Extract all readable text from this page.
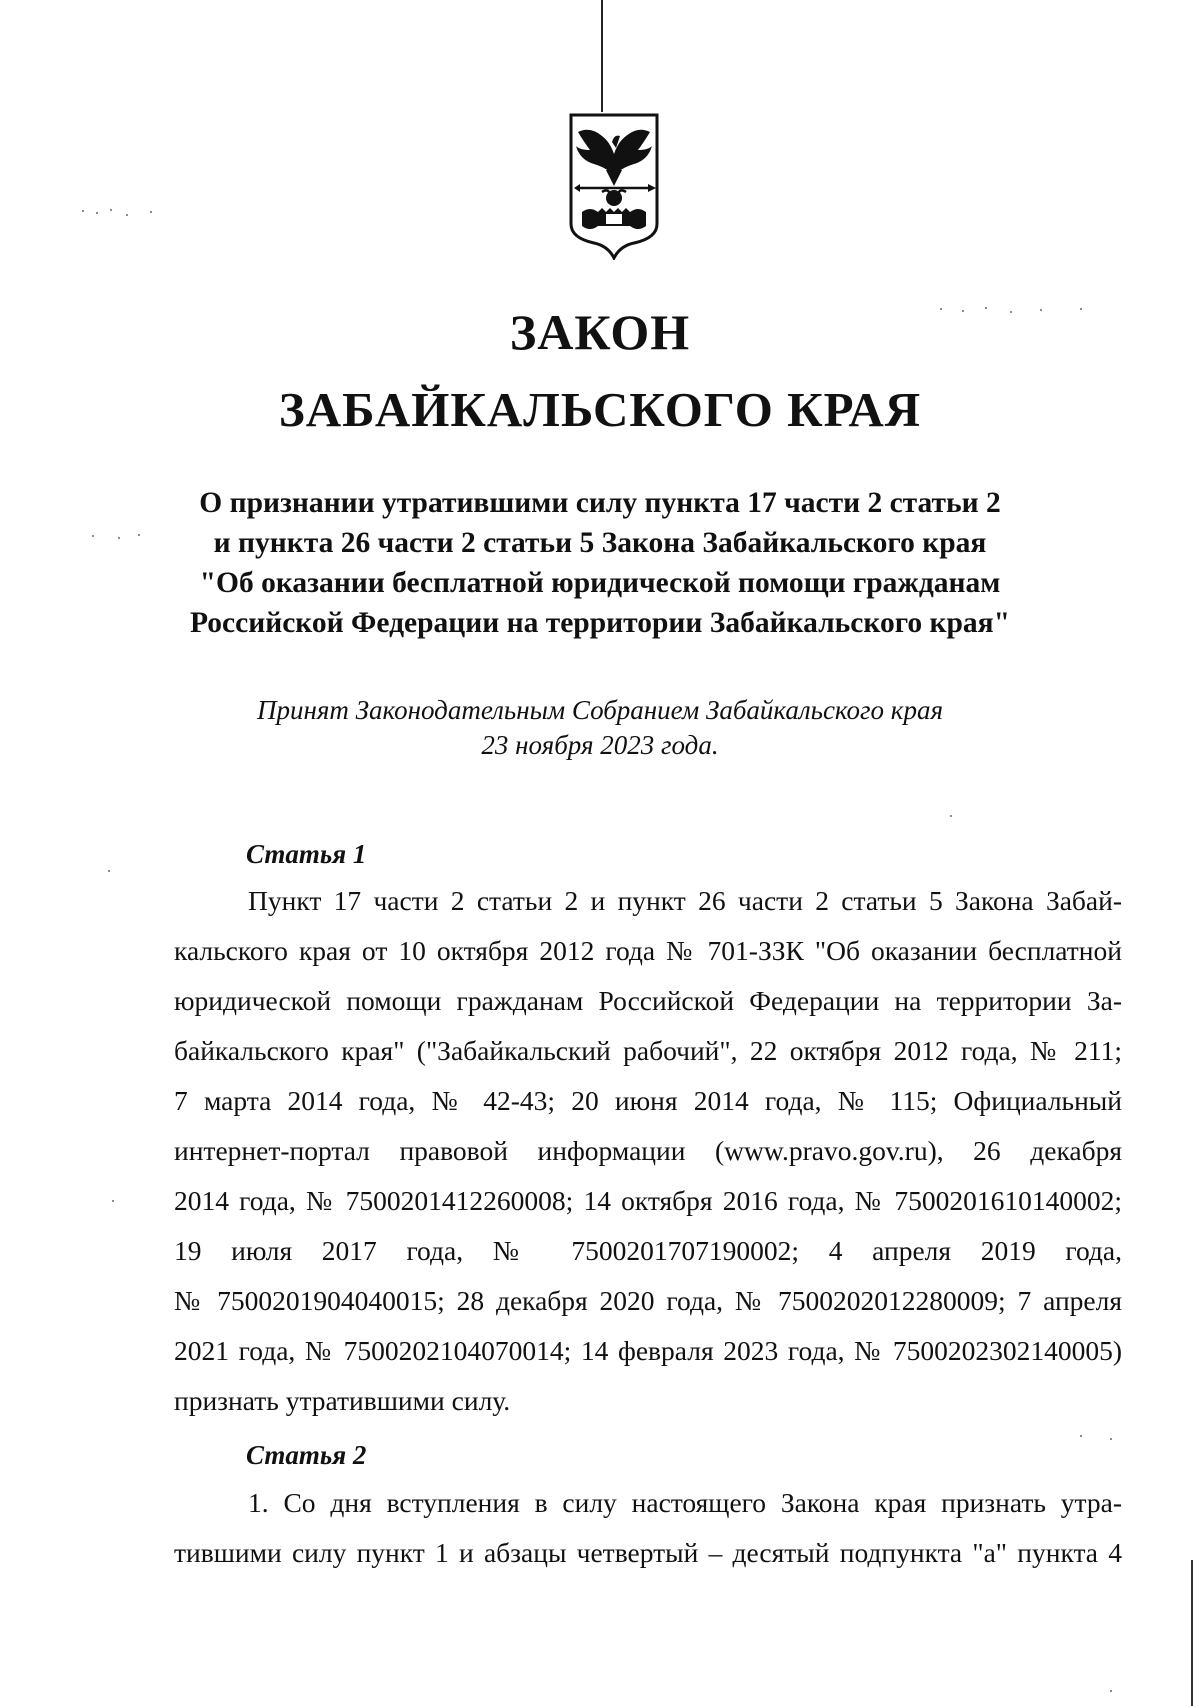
ЗАКОН
ЗАБАЙКАЛЬСКОГО КРАЯ
О признании утратившими силу пункта 17 части 2 статьи 2
и пункта 26 части 2 статьи 5 Закона Забайкальского края
"Об оказании бесплатной юридической помощи гражданам
Российской Федерации на территории Забайкальского края"
Принят Законодательным Собранием Забайкальского края
23 ноября 2023 года.
Статья 1
Пункт 17 части 2 статьи 2 и пункт 26 части 2 статьи 5 Закона Забай-
кальского края от 10 октября 2012 года № 701-ЗЗК "Об оказании бесплатной
юридической помощи гражданам Российской Федерации на территории За-
байкальского края" ("Забайкальский рабочий", 22 октября 2012 года, № 211;
7 марта 2014 года, № 42-43; 20 июня 2014 года, № 115; Официальный
интернет-портал правовой информации (www.pravo.gov.ru), 26 декабря
2014 года, № 7500201412260008; 14 октября 2016 года, № 7500201610140002;
19 июля 2017 года, № 7500201707190002; 4 апреля 2019 года,
№ 7500201904040015; 28 декабря 2020 года, № 7500202012280009; 7 апреля
2021 года, № 7500202104070014; 14 февраля 2023 года, № 7500202302140005)
признать утратившими силу.
Статья 2
1. Со дня вступления в силу настоящего Закона края признать утра-
тившими силу пункт 1 и абзацы четвертый – десятый подпункта "а" пункта 4
